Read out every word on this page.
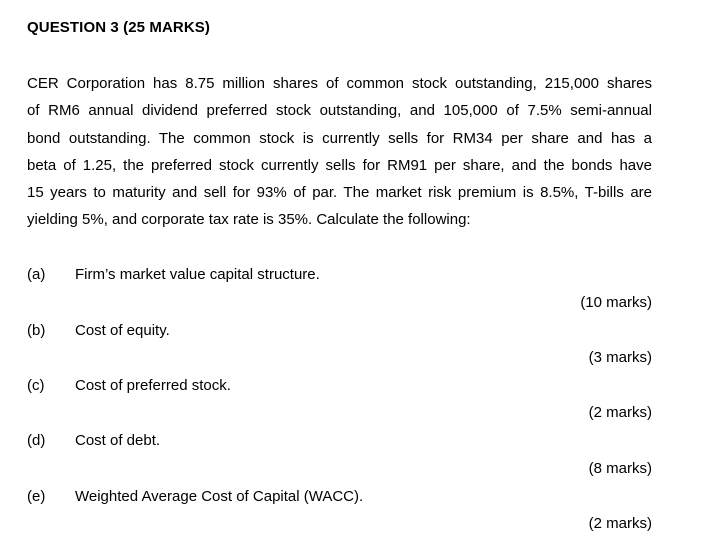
QUESTION 3 (25 MARKS)
CER Corporation has 8.75 million shares of common stock outstanding, 215,000 shares
of RM6 annual dividend preferred stock outstanding, and 105,000 of 7.5% semi-annual
bond outstanding. The common stock is currently sells for RM34 per share and has a
beta of 1.25, the preferred stock currently sells for RM91 per share, and the bonds have
15 years to maturity and sell for 93% of par. The market risk premium is 8.5%, T-bills are
yielding 5%, and corporate tax rate is 35%. Calculate the following:
(a)	Firm’s market value capital structure.
(10 marks)
(b)	Cost of equity.
(3 marks)
(c)	Cost of preferred stock.
(2 marks)
(d)	Cost of debt.
(8 marks)
(e)	Weighted Average Cost of Capital (WACC).
(2 marks)
